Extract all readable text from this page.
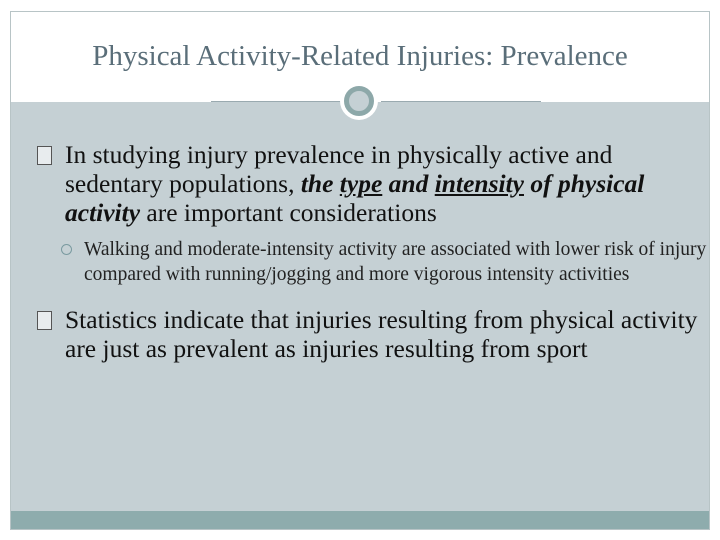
Physical Activity-Related Injuries: Prevalence

In studying injury prevalence in physically active and sedentary populations, the type and intensity of physical activity are important considerations

Walking and moderate-intensity activity are associated with lower risk of injury compared with running/jogging and more vigorous intensity activities

Statistics indicate that injuries resulting from physical activity are just as prevalent as injuries resulting from sport
